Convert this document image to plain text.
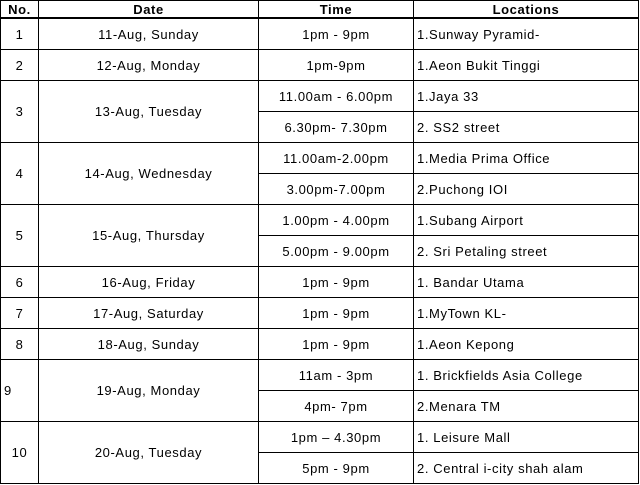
No.	Date	Time	Locations
1	11-Aug, Sunday	1pm - 9pm	1.Sunway Pyramid-
2	12-Aug, Monday	1pm-9pm	1.Aeon Bukit Tinggi
3	13-Aug, Tuesday	11.00am - 6.00pm	1.Jaya 33
		6.30pm- 7.30pm	2. SS2 street
4	14-Aug, Wednesday	11.00am-2.00pm	1.Media Prima Office
		3.00pm-7.00pm	2.Puchong IOI
5	15-Aug, Thursday	1.00pm - 4.00pm	1.Subang Airport
		5.00pm - 9.00pm	2. Sri Petaling street
6	16-Aug, Friday	1pm - 9pm	1. Bandar Utama
7	17-Aug, Saturday	1pm - 9pm	1.MyTown KL-
8	18-Aug, Sunday	1pm - 9pm	1.Aeon Kepong
9	19-Aug, Monday	11am - 3pm	1. Brickfields Asia College
		4pm- 7pm	2.Menara TM
10	20-Aug, Tuesday	1pm – 4.30pm	1. Leisure Mall
		5pm - 9pm	2. Central i-city shah alam
